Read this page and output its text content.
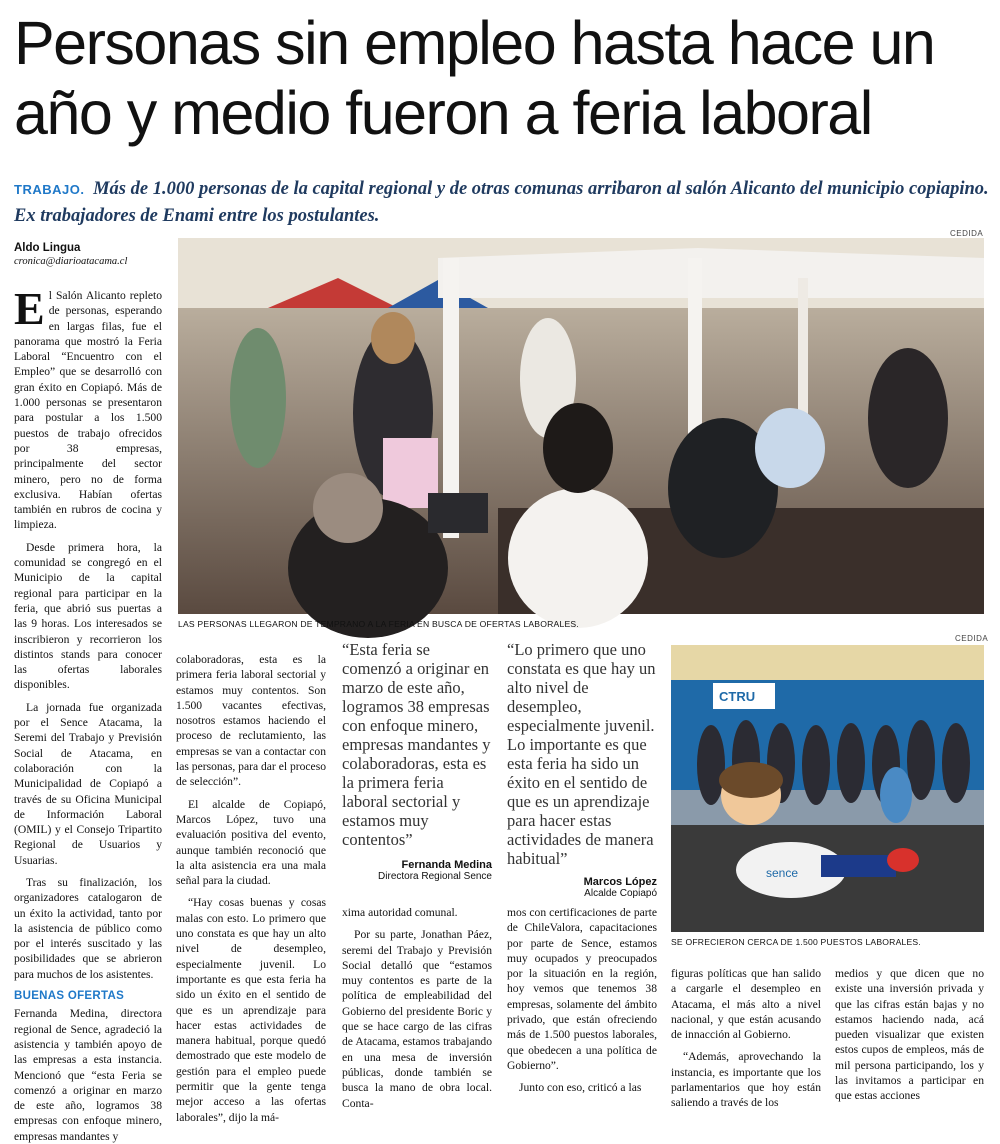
Personas sin empleo hasta hace un año y medio fueron a feria laboral
TRABAJO. Más de 1.000 personas de la capital regional y de otras comunas arribaron al salón Alicanto del municipio copiapino. Ex trabajadores de Enami entre los postulantes.
Aldo Lingua
cronica@diarioatacama.cl

El Salón Alicanto repleto de personas, esperando en largas filas, fue el panorama que mostró la Feria Laboral “Encuentro con el Empleo” que se desarrolló con gran éxito en Copiapó. Más de 1.000 personas se presentaron para postular a los 1.500 puestos de trabajo ofrecidos por 38 empresas, principalmente del sector minero, pero no de forma exclusiva. Habían ofertas también en rubros de cocina y limpieza.

Desde primera hora, la comunidad se congregó en el Municipio de la capital regional para participar en la feria, que abrió sus puertas a las 9 horas. Los interesados se inscribieron y recorrieron los distintos stands para conocer las ofertas laborales disponibles.

La jornada fue organizada por el Sence Atacama, la Seremi del Trabajo y Previsión Social de Atacama, en colaboración con la Municipalidad de Copiapó a través de su Oficina Municipal de Información Laboral (OMIL) y el Consejo Tripartito Regional de Usuarios y Usuarias.

Tras su finalización, los organizadores catalogaron de un éxito la actividad, tanto por la asistencia de público como por el interés suscitado y las posibilidades que se abrieron para muchos de los asistentes.

BUENAS OFERTAS

Fernanda Medina, directora regional de Sence, agradeció la asistencia y también apoyo de las empresas a esta instancia. Mencionó que “esta Feria se comenzó a originar en marzo de este año, logramos 38 empresas con enfoque minero, empresas mandantes y

CEDIDA
LAS PERSONAS LLEGARON DE TEMPRANO A LA FERIA EN BUSCA DE OFERTAS LABORALES.

colaboradoras, esta es la primera feria laboral sectorial y estamos muy contentos. Son 1.500 vacantes efectivas, nosotros estamos haciendo el proceso de reclutamiento, las empresas se van a contactar con las personas, para dar el proceso de selección”.

El alcalde de Copiapó, Marcos López, tuvo una evaluación positiva del evento, aunque también reconoció que la alta asistencia era una mala señal para la ciudad.

“Hay cosas buenas y cosas malas con esto. Lo primero que uno constata es que hay un alto nivel de desempleo, especialmente juvenil. Lo importante es que esta feria ha sido un éxito en el sentido de que es un aprendizaje para hacer estas actividades de manera habitual, porque quedó demostrado que este modelo de gestión para el empleo puede permitir que la gente tenga mejor acceso a las ofertas laborales”, dijo la má-

“Esta feria se comenzó a originar en marzo de este año, logramos 38 empresas con enfoque minero, empresas mandantes y colaboradoras, esta es la primera feria laboral sectorial y estamos muy contentos”
Fernanda Medina
Directora Regional Sence
“Lo primero que uno constata es que hay un alto nivel de desempleo, especialmente juvenil. Lo importante es que esta feria ha sido un éxito en el sentido de que es un aprendizaje para hacer estas actividades de manera habitual”
Marcos López
Alcalde Copiapó
CEDIDA
CTRU
sence
SE OFRECIERON CERCA DE 1.500 PUESTOS LABORALES.

xima autoridad comunal.

Por su parte, Jonathan Páez, seremi del Trabajo y Previsión Social detalló que “estamos muy contentos es parte de la política de empleabilidad del Gobierno del presidente Boric y que se hace cargo de las cifras de Atacama, estamos trabajando en una mesa de inversión públicas, donde también se busca la mano de obra local. Conta-

mos con certificaciones de parte de ChileValora, capacitaciones por parte de Sence, estamos muy ocupados y preocupados por la situación en la región, hoy vemos que tenemos 38 empresas, solamente del ámbito privado, que están ofreciendo más de 1.500 puestos laborales, que obedecen a una política de Gobierno”.

Junto con eso, criticó a las

figuras políticas que han salido a cargarle el desempleo en Atacama, el más alto a nivel nacional, y que están acusando de innacción al Gobierno.

“Además, aprovechando la instancia, es importante que los parlamentarios que hoy están saliendo a través de los

medios y que dicen que no existe una inversión privada y que las cifras están bajas y no estamos haciendo nada, acá pueden visualizar que existen estos cupos de empleos, más de mil persona participando, los y las invitamos a participar en que estas acciones
